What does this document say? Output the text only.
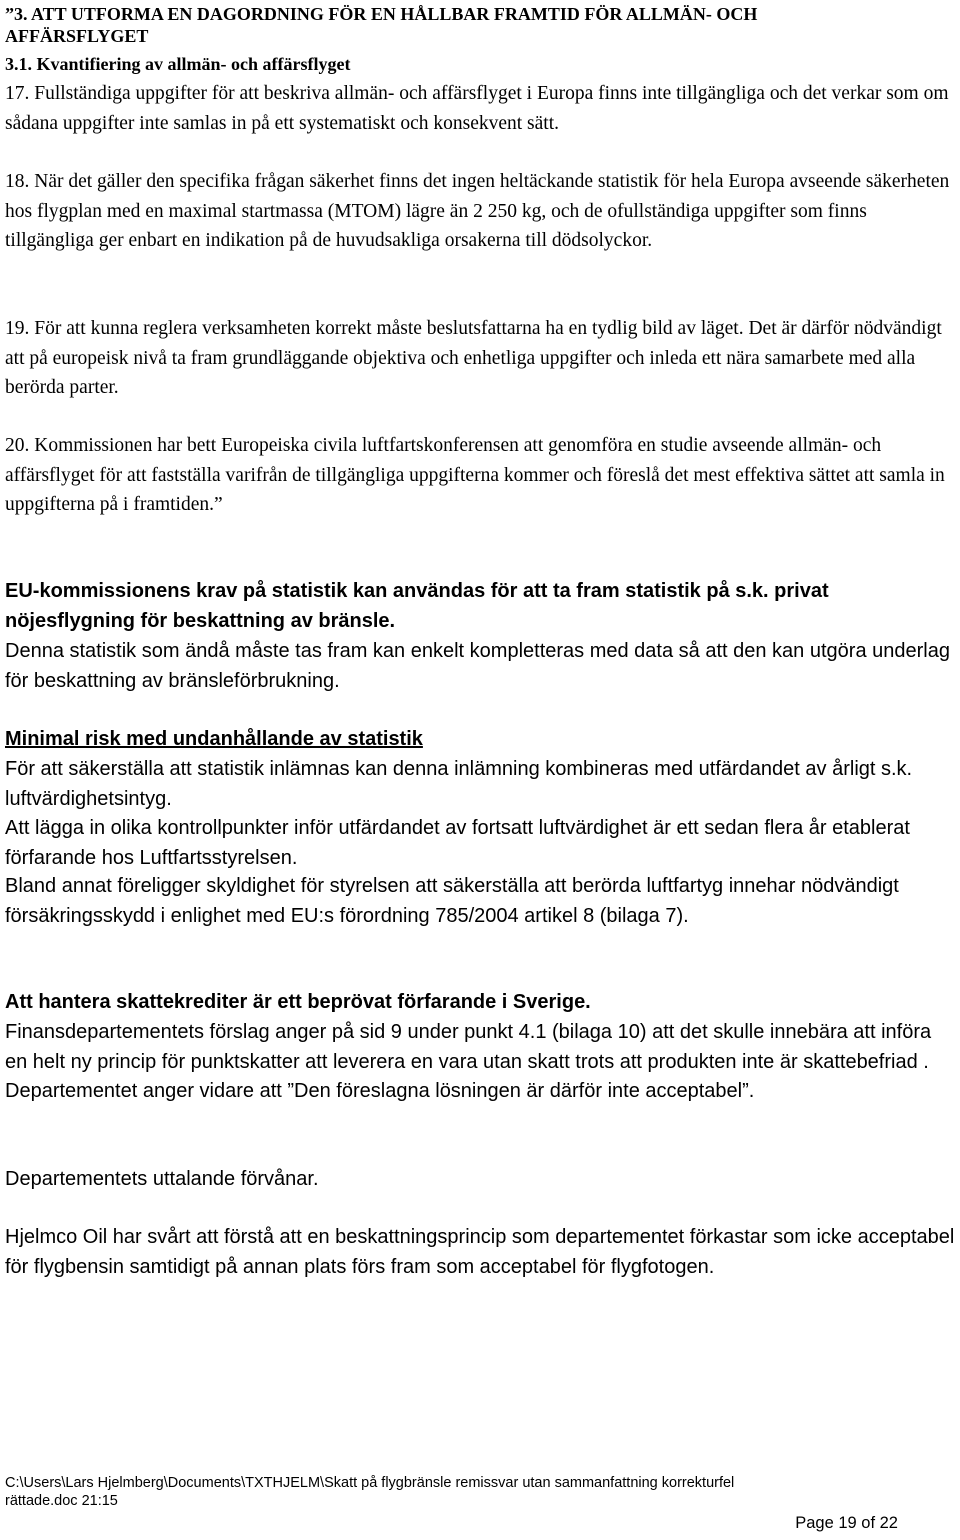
”3. ATT UTFORMA EN DAGORDNING FÖR EN HÅLLBAR FRAMTID FÖR ALLMÄN- OCH
AFFÄRSFLYGET

3.1. Kvantifiering av allmän- och affärsflyget

17. Fullständiga uppgifter för att beskriva allmän- och affärsflyget i Europa finns inte tillgängliga och det verkar som om sådana uppgifter inte samlas in på ett systematiskt och konsekvent sätt.

18. När det gäller den specifika frågan säkerhet finns det ingen heltäckande statistik för hela Europa avseende säkerheten hos flygplan med en maximal startmassa (MTOM) lägre än 2 250 kg, och de ofullständiga uppgifter som finns tillgängliga ger enbart en indikation på de huvudsakliga orsakerna till dödsolyckor.

19. För att kunna reglera verksamheten korrekt måste beslutsfattarna ha en tydlig bild av läget. Det är därför nödvändigt att på europeisk nivå ta fram grundläggande objektiva och enhetliga uppgifter och inleda ett nära samarbete med alla berörda parter.

20. Kommissionen har bett Europeiska civila luftfartskonferensen att genomföra en studie avseende allmän- och affärsflyget för att fastställa varifrån de tillgängliga uppgifterna kommer och föreslå det mest effektiva sättet att samla in uppgifterna på i framtiden.”

EU-kommissionens krav på statistik kan användas för att ta fram statistik på s.k. privat nöjesflygning för beskattning av bränsle.

Denna statistik som ändå måste tas fram kan enkelt kompletteras med data så att den kan utgöra underlag för beskattning av bränsleförbrukning.

Minimal risk med undanhållande av statistik

För att säkerställa att statistik inlämnas kan denna inlämning kombineras med utfärdandet av årligt s.k. luftvärdighetsintyg.

Att lägga in olika kontrollpunkter inför utfärdandet av fortsatt luftvärdighet är ett sedan flera år etablerat förfarande hos Luftfartsstyrelsen.

Bland annat föreligger skyldighet för styrelsen att säkerställa att berörda luftfartyg innehar nödvändigt försäkringsskydd i enlighet med EU:s förordning 785/2004 artikel 8 (bilaga 7).

Att hantera skattekrediter är ett beprövat förfarande i Sverige.

Finansdepartementets förslag anger på sid 9 under punkt 4.1 (bilaga 10) att det skulle innebära att införa en helt ny princip för punktskatter att leverera en vara utan skatt trots att produkten inte är skattebefriad . Departementet anger vidare att ”Den föreslagna lösningen är därför inte acceptabel”.

Departementets uttalande förvånar.

Hjelmco Oil har svårt att förstå att en beskattningsprincip som departementet förkastar som icke acceptabel för flygbensin samtidigt på annan plats förs fram som acceptabel för flygfotogen.

C:\Users\Lars Hjelmberg\Documents\TXTHJELM\Skatt på flygbränsle remissvar utan sammanfattning korrekturfel
rättade.doc 21:15
Page 19 of 22
